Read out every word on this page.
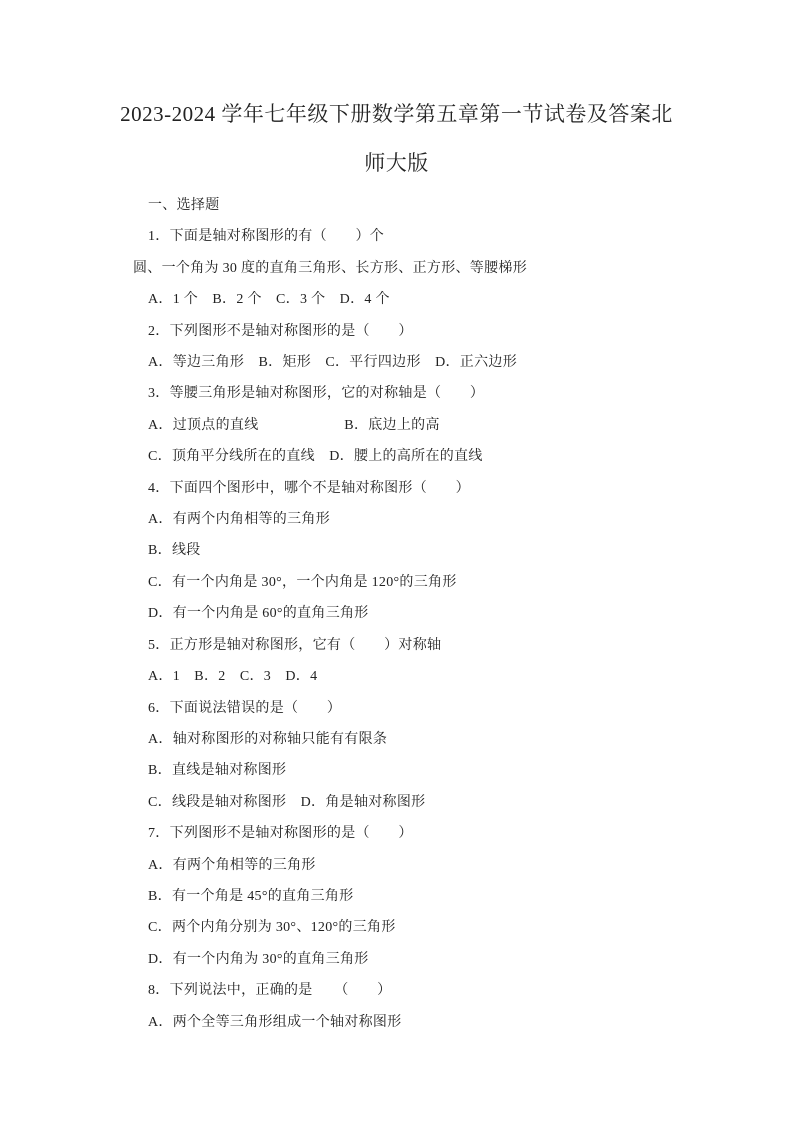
2023-2024 学年七年级下册数学第五章第一节试卷及答案北
师大版

一、选择题

1．下面是轴对称图形的有（　　）个

圆、一个角为 30 度的直角三角形、长方形、正方形、等腰梯形

A．1 个　B．2 个　C．3 个　D．4 个

2．下列图形不是轴对称图形的是（　　）

A．等边三角形　B．矩形　C．平行四边形　D．正六边形

3．等腰三角形是轴对称图形，它的对称轴是（　　）

A．过顶点的直线　　　　　　B．底边上的高

C．顶角平分线所在的直线　D．腰上的高所在的直线

4．下面四个图形中，哪个不是轴对称图形（　　）

A．有两个内角相等的三角形

B．线段

C．有一个内角是 30°，一个内角是 120°的三角形

D．有一个内角是 60°的直角三角形

5．正方形是轴对称图形，它有（　　）对称轴

A．1　B．2　C．3　D．4

6．下面说法错误的是（　　）

A．轴对称图形的对称轴只能有有限条

B．直线是轴对称图形

C．线段是轴对称图形　D．角是轴对称图形

7．下列图形不是轴对称图形的是（　　）

A．有两个角相等的三角形

B．有一个角是 45°的直角三角形

C．两个内角分别为 30°、120°的三角形

D．有一个内角为 30°的直角三角形

8．下列说法中，正确的是　　（　　）

A．两个全等三角形组成一个轴对称图形
